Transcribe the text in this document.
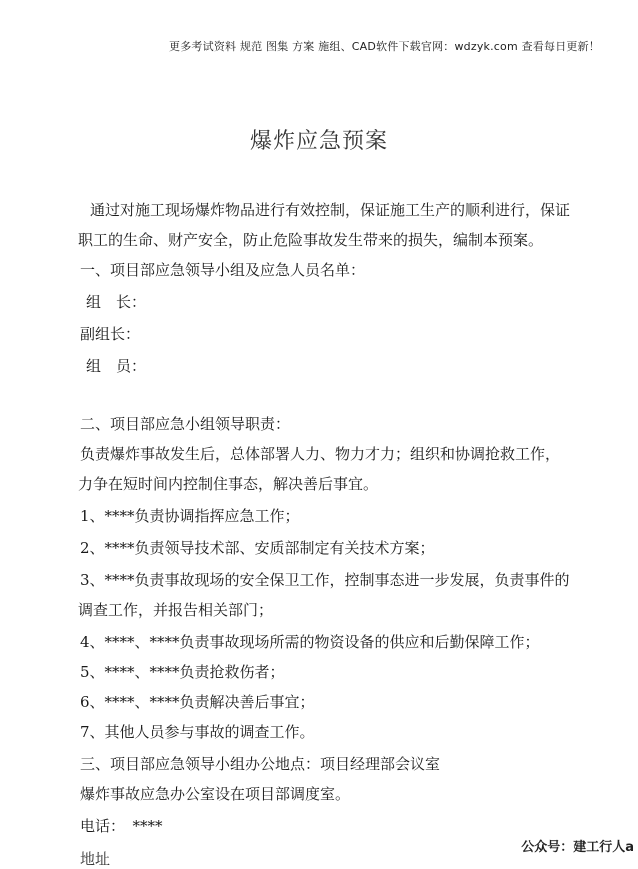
更多考试资料 规范 图集 方案 施组、CAD软件下载官网：wdzyk.com 查看每日更新！
爆炸应急预案
通过对施工现场爆炸物品进行有效控制，保证施工生产的顺利进行，保证
职工的生命、财产安全，防止危险事故发生带来的损失，编制本预案。
一、项目部应急领导小组及应急人员名单：
组　长：
副组长：
组　员：
二、项目部应急小组领导职责：
负责爆炸事故发生后，总体部署人力、物力才力；组织和协调抢救工作，
力争在短时间内控制住事态，解决善后事宜。
1、****负责协调指挥应急工作；
2、****负责领导技术部、安质部制定有关技术方案；
3、****负责事故现场的安全保卫工作，控制事态进一步发展，负责事件的
调查工作，并报告相关部门；
4、****、****负责事故现场所需的物资设备的供应和后勤保障工作；
5、****、****负责抢救伤者；
6、****、****负责解决善后事宜；
7、其他人员参与事故的调查工作。
三、项目部应急领导小组办公地点：项目经理部会议室
爆炸事故应急办公室设在项目部调度室。
电话：　****
地址
公众号：建工行人a
